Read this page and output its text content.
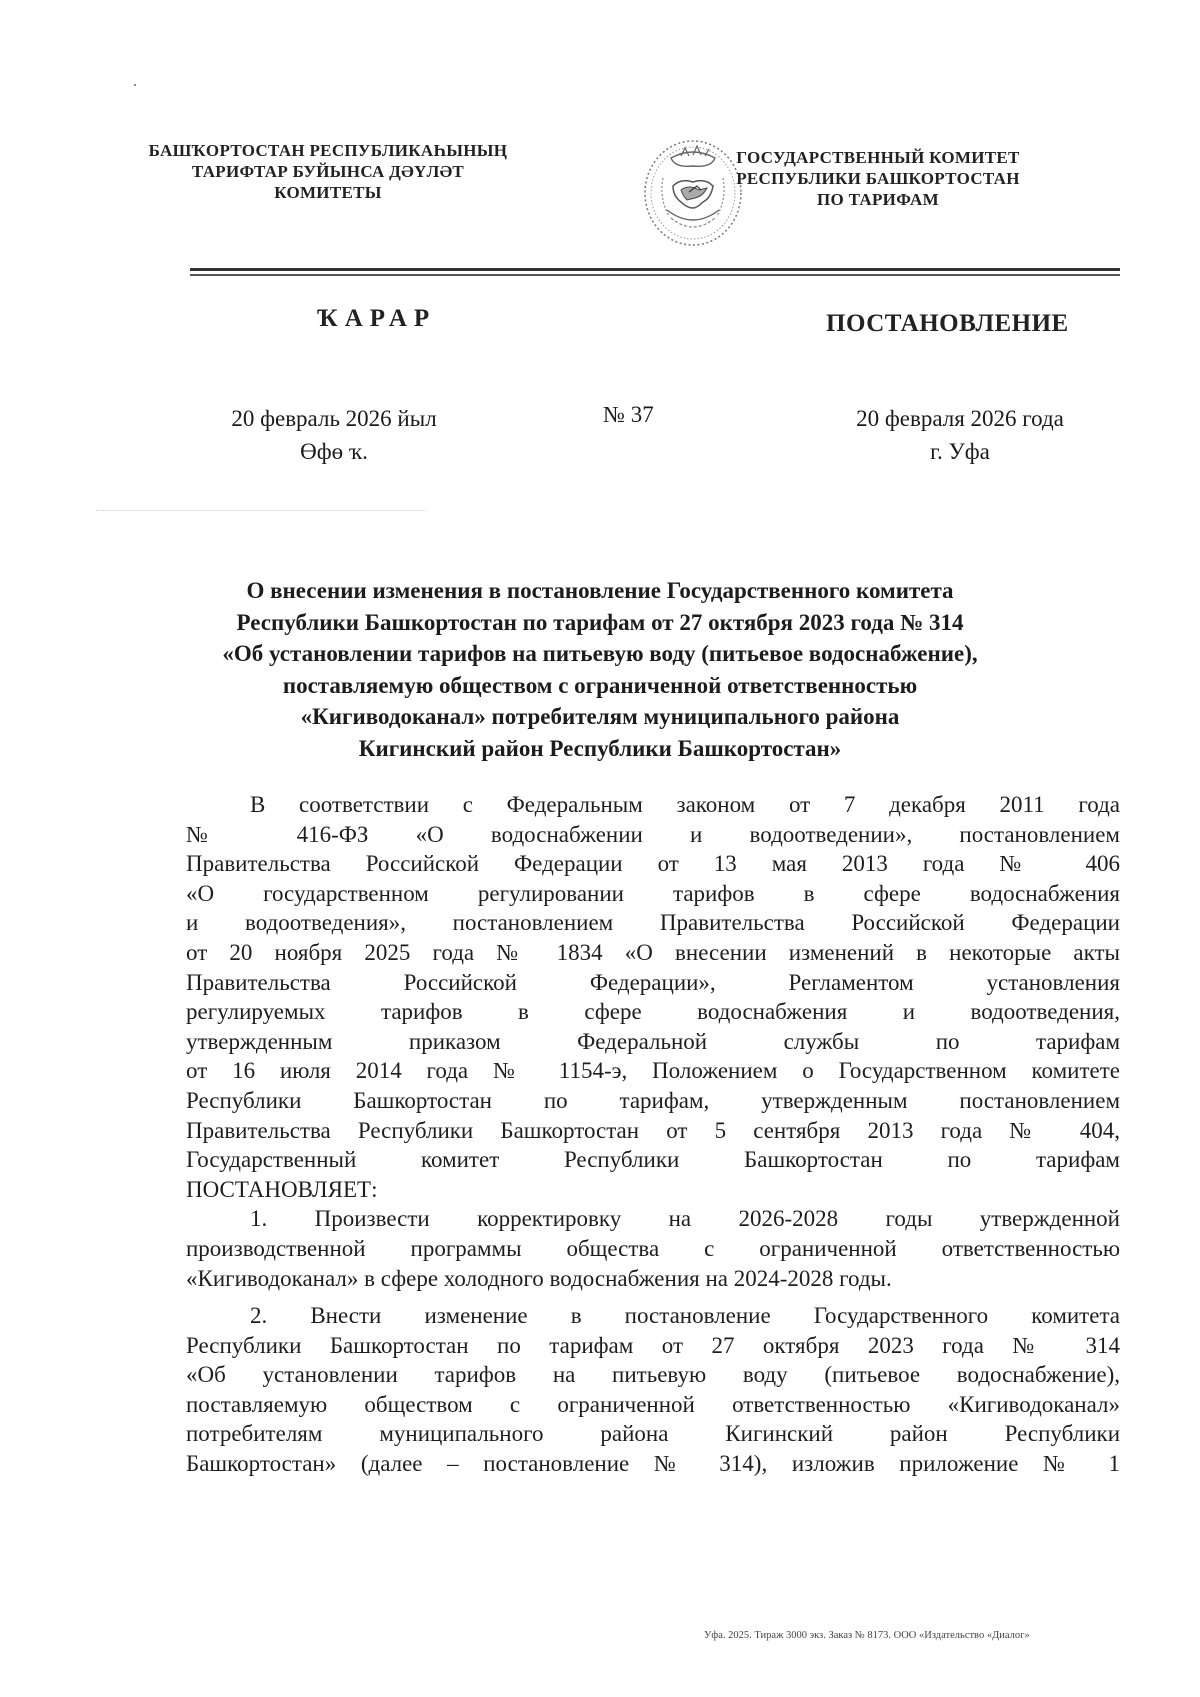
БАШҠОРТОСТАН РЕСПУБЛИКАҺЫНЫҢ
ТАРИФТАР БУЙЫНСА ДӘҮЛӘТ
КОМИТЕТЫ
ГОСУДАРСТВЕННЫЙ КОМИТЕТ
РЕСПУБЛИКИ БАШКОРТОСТАН
ПО ТАРИФАМ
ҠАРАР	ПОСТАНОВЛЕНИЕ
20 февраль 2026 йыл
Өфө ҡ.
№ 37	20 февраля 2026 года
г. Уфа
О внесении изменения в постановление Государственного комитета
Республики Башкортостан по тарифам от 27 октября 2023 года № 314
«Об установлении тарифов на питьевую воду (питьевое водоснабжение),
поставляемую обществом с ограниченной ответственностью
«Кигиводоканал» потребителям муниципального района
Кигинский район Республики Башкортостан»
В соответствии с Федеральным законом от 7 декабря 2011 года
№ 416-ФЗ «О водоснабжении и водоотведении», постановлением
Правительства Российской Федерации от 13 мая 2013 года № 406
«О государственном регулировании тарифов в сфере водоснабжения
и водоотведения», постановлением Правительства Российской Федерации
от 20 ноября 2025 года № 1834 «О внесении изменений в некоторые акты
Правительства Российской Федерации», Регламентом установления
регулируемых тарифов в сфере водоснабжения и водоотведения,
утвержденным приказом Федеральной службы по тарифам
от 16 июля 2014 года № 1154-э, Положением о Государственном комитете
Республики Башкортостан по тарифам, утвержденным постановлением
Правительства Республики Башкортостан от 5 сентября 2013 года № 404,
Государственный комитет Республики Башкортостан по тарифам
ПОСТАНОВЛЯЕТ:
1. Произвести корректировку на 2026-2028 годы утвержденной
производственной программы общества с ограниченной ответственностью
«Кигиводоканал» в сфере холодного водоснабжения на 2024-2028 годы.
2. Внести изменение в постановление Государственного комитета
Республики Башкортостан по тарифам от 27 октября 2023 года № 314
«Об установлении тарифов на питьевую воду (питьевое водоснабжение),
поставляемую обществом с ограниченной ответственностью «Кигиводоканал»
потребителям муниципального района Кигинский район Республики
Башкортостан» (далее – постановление № 314), изложив приложение № 1
Уфа. 2025. Тираж 3000 экз. Заказ № 8173. ООО «Издательство «Диалог»
